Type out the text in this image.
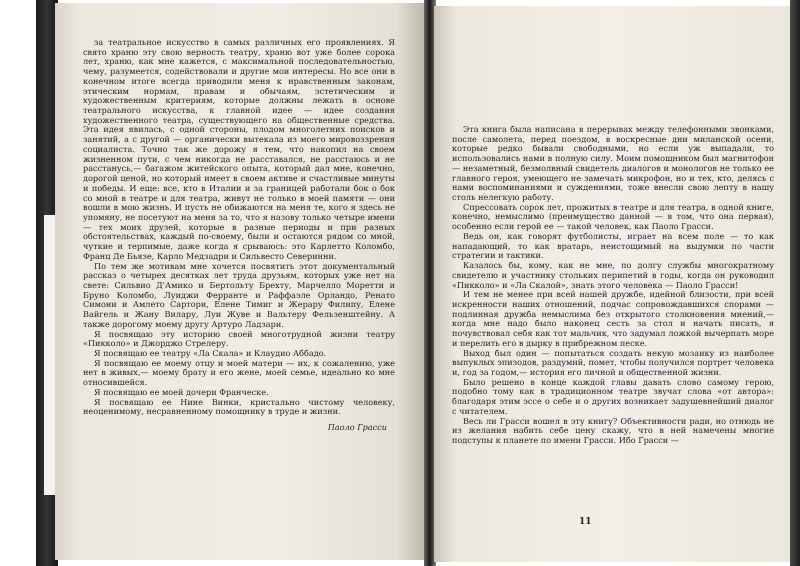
за театральное искусство в самых различных его проявлениях. Я свято храню эту свою верность театру, храню вот уже более сорока лет, храню, как мне кажется, с максимальной последовательностью, чему, разумеется, содействовали и другие мои интересы. Но все они в конечном итоге всегда приводили меня к нравственным законам, этическим нормам, правам и обычаям, эстетическим и художественным критериям, которые должны лежать в основе театрального искусства, к главной идее — идее создания художественного театра, существующего на общественные средства. Эта идея явилась, с одной стороны, плодом многолетних поисков и занятий, а с другой — органически вытекала из моего мировоззрения социалиста. Точно так же дорожу я тем, что накопил на своем жизненном пути, с чем никогда не расставался, не расстаюсь и не расстанусь,— багажом житейского опыта, который дал мне, конечно, дорогой ценой, но который имеет в своем активе и счастливые минуты и победы. И еще: все, кто в Италии и за границей работали бок о бок со мной в театре и для театра, живут не только в моей памяти — они вошли в мою жизнь. И пусть не обижаются на меня те, кого я здесь не упомяну, не посетуют на меня за то, что я назову только четыре имени — тех моих друзей, которые в разные периоды и при разных обстоятельствах, каждый по-своему, были и остаются рядом со мной, чуткие и терпимые, даже когда я срываюсь: это Карлетто Коломбо, Франц Де Бьязе, Карло Медзадри и Сильвесто Северинни.

По тем же мотивам мне хочется посвятить этот документальный рассказ о четырех десятках лет труда друзьям, которых уже нет на свете: Сильвио Д'Амико и Бертольту Брехту, Марчелло Моретти и Бруно Коломбо, Луиджи Ферранте и Раффаэле Орландо, Ренато Симони и Амлето Сартори, Елене Тимиг и Жерару Филипу, Елене Вайгель и Жану Вилару, Луи Жуве и Вальтеру Фельзенштейну. А также дорогому моему другу Артуро Ладзари.

Я посвящаю эту историю своей многотрудной жизни театру «Пикколо» и Джорджо Стрелеру.

Я посвящаю ее театру «Ла Скала» и Клаудио Аббадо.

Я посвящаю ее моему отцу и моей матери — их, к сожалению, уже нет в живых,— моему брату и его жене, моей семье, идеально ко мне относившейся.

Я посвящаю ее моей дочери Франческе.

Я посвящаю ее Нине Винки, кристально чистому человеку, неоценимому, несравненному помощнику в труде и жизни.

Паоло Грасси

Эта книга была написана в перерывах между телефонными звонками, после самолета, перед поездом, в воскресные дни миланской осени, которые редко бывали свободными, но если уж выпадали, то использовались нами в полную силу. Моим помощником был магнитофон — незаметный, безмолвный свидетель диалогов и монологов не только ее главного героя, умеющего не замечать микрофон, но и тех, кто, делясь с нами воспоминаниями и суждениями, тоже внесли свою лепту в нашу столь нелегкую работу.

Спрессовать сорок лет, прожитых в театре и для театра, в одной книге, конечно, немыслимо (преимущество данной — в том, что она первая), особенно если герой ее — такой человек, как Паоло Грасси.

Ведь он, как говорят футболисты, играет на всем поле — то как нападающий, то как вратарь, неистощимый на выдумки по части стратегии и тактики.

Казалось бы, кому, как не мне, по долгу службы многократному свидетелю и участнику стольких перипетий в годы, когда он руководил «Пикколо» и «Ла Скалой», знать этого человека — Паоло Грасси!

И тем не менее при всей нашей дружбе, идейной близости, при всей искренности наших отношений, подчас сопровождавшихся спорами — подлинная дружба немыслима без открытого столкновения мнений,— когда мне надо было наконец сесть за стол и начать писать, я почувствовал себя как тот мальчик, что задумал ложкой вычерпать море и перелить его в дырку в прибрежном песке.

Выход был один — попытаться создать некую мозаику из наиболее выпуклых эпизодов, раздумий, помет, чтобы получился портрет человека и, год за годом,— история его личной и общественной жизни.

Было решено в конце каждой главы давать слово самому герою, подобно тому как в традиционном театре звучат слова «от автора»: благодаря этим эссе о себе и о других возникает задушевнейший диалог с читателем.

Весь ли Грасси вошел в эту книгу? Объективности ради, но отнюдь не из желания набить себе цену скажу, что в ней намечены многие подступы к планете по имени Грасси. Ибо Грасси —

11
